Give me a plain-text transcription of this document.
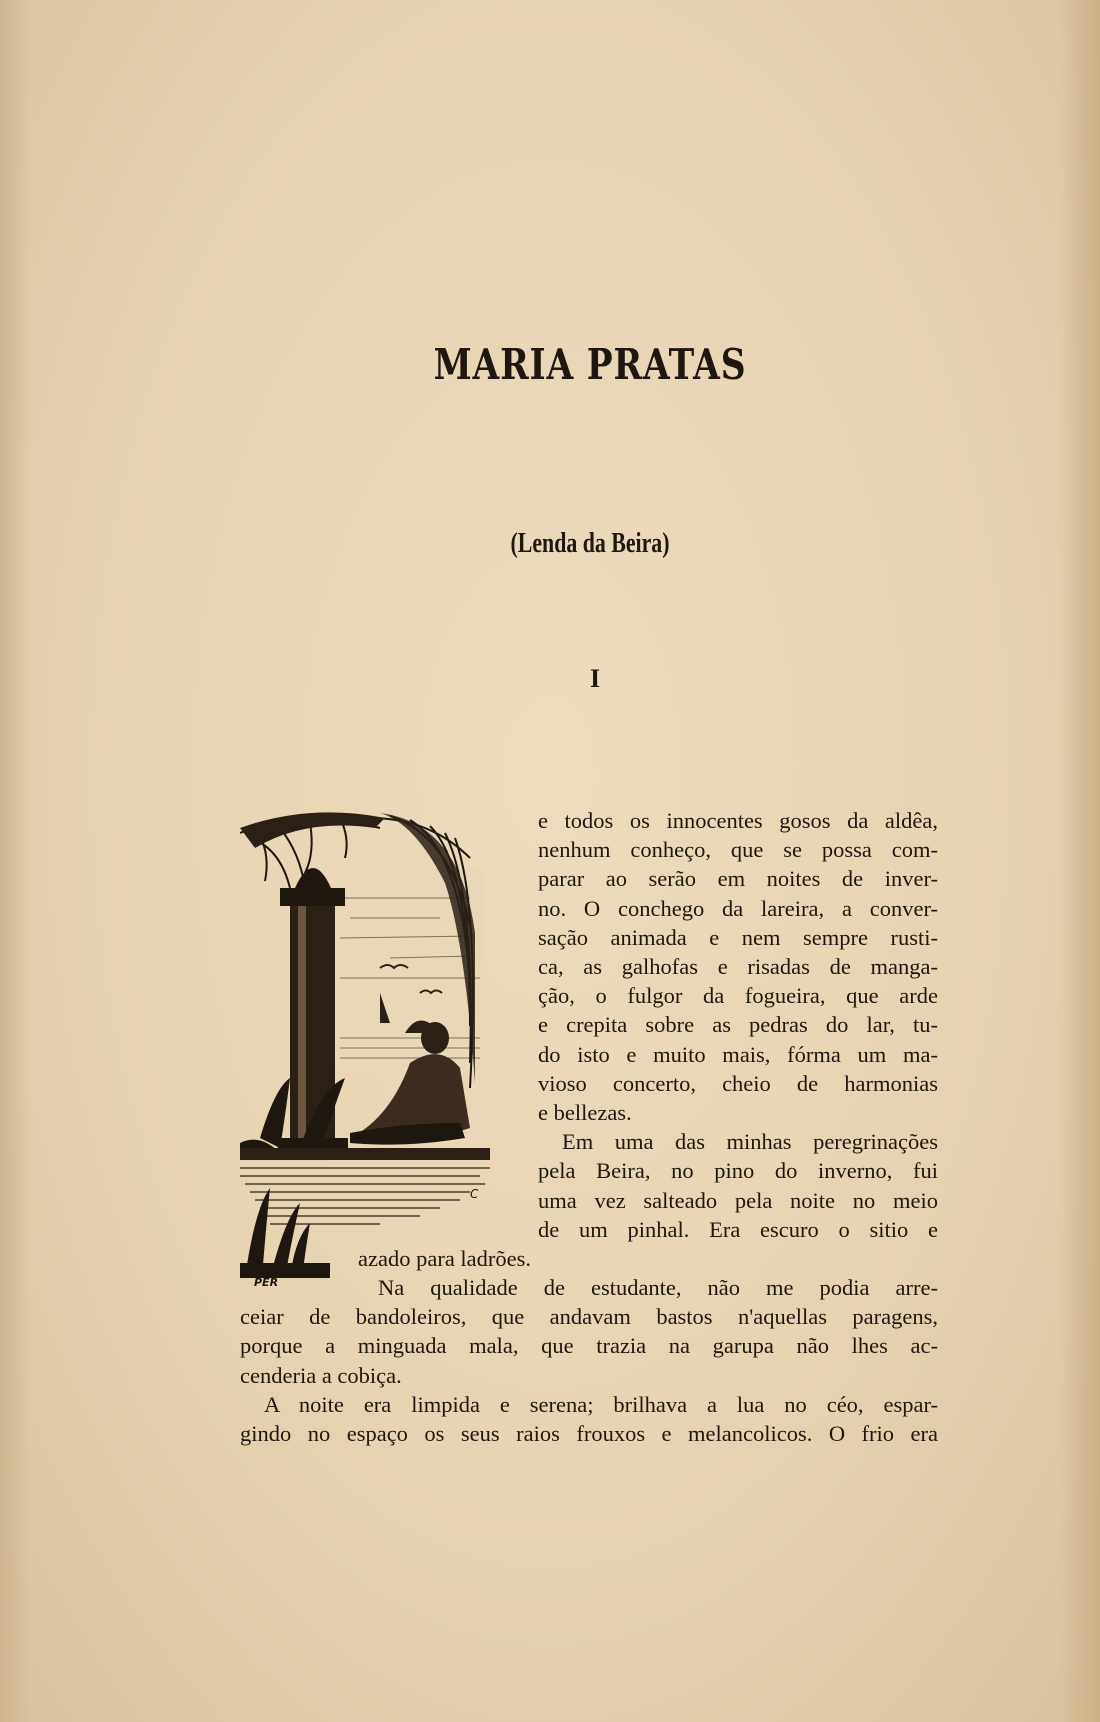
MARIA PRATAS
(Lenda da Beira)
I
C
PER
e todos os innocentes gosos da aldêa,
nenhum conheço, que se possa com-
parar ao serão em noites de inver-
no. O conchego da lareira, a conver-
sação animada e nem sempre rusti-
ca, as galhofas e risadas de manga-
ção, o fulgor da fogueira, que arde
e crepita sobre as pedras do lar, tu-
do isto e muito mais, fórma um ma-
vioso concerto, cheio de harmonias
e bellezas.
Em uma das minhas peregrinações
pela Beira, no pino do inverno, fui
uma vez salteado pela noite no meio
de um pinhal. Era escuro o sitio e
azado para ladrões.
Na qualidade de estudante, não me podia arre-
ceiar de bandoleiros, que andavam bastos n'aquellas paragens,
porque a minguada mala, que trazia na garupa não lhes ac-
cenderia a cobiça.
A noite era limpida e serena; brilhava a lua no céo, espar-
gindo no espaço os seus raios frouxos e melancolicos. O frio era
